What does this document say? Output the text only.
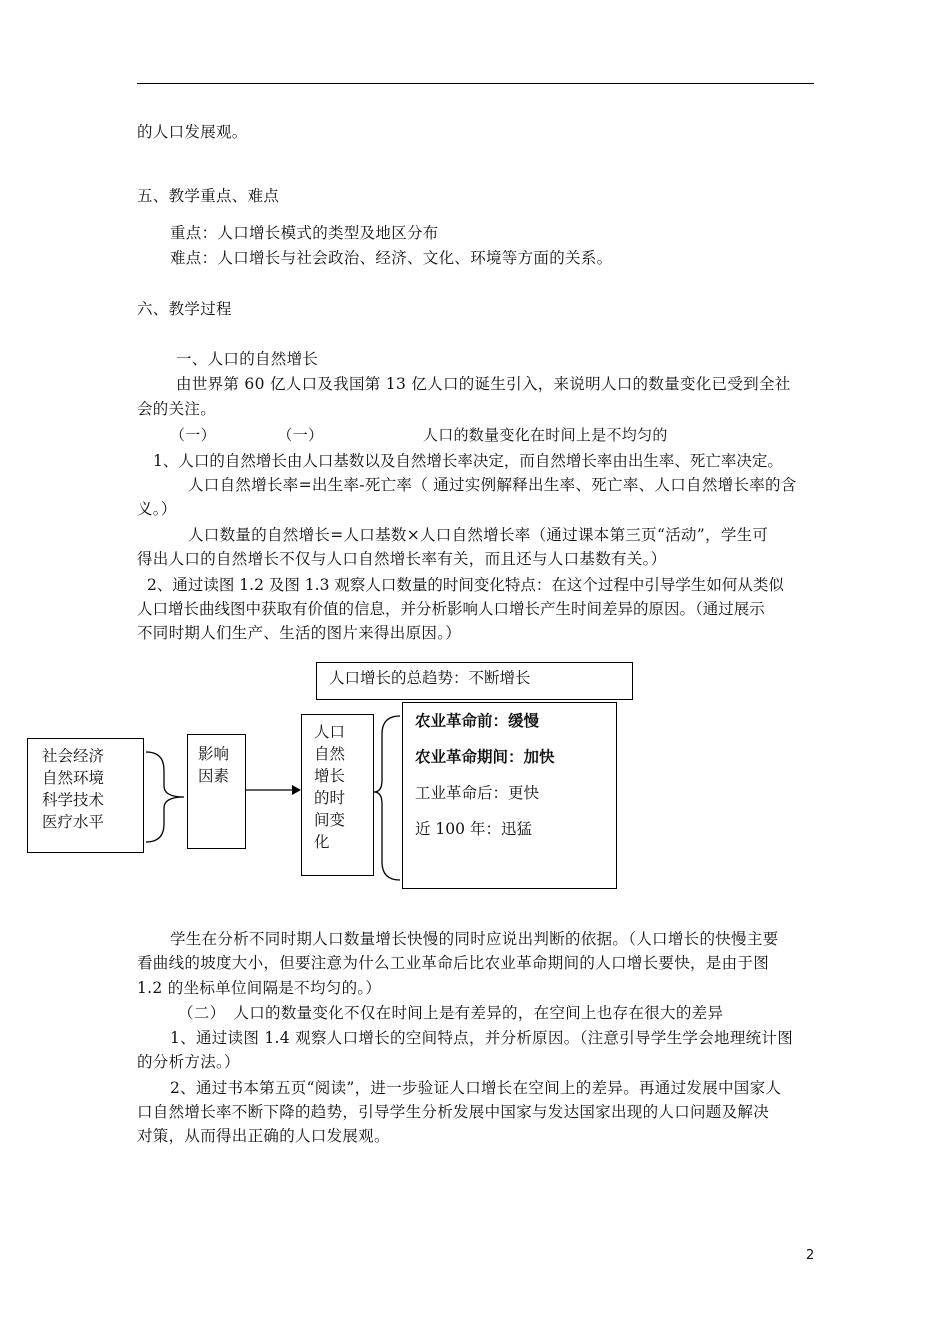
的人口发展观。
五、教学重点、难点
重点：人口增长模式的类型及地区分布
难点：人口增长与社会政治、经济、文化、环境等方面的关系。
六、教学过程
一、人口的自然增长
由世界第 60 亿人口及我国第 13 亿人口的诞生引入，来说明人口的数量变化已受到全社
会的关注。
（一）　　　　　（一）　　　　　　　人口的数量变化在时间上是不均匀的
1、人口的自然增长由人口基数以及自然增长率决定，而自然增长率由出生率、死亡率决定。
人口自然增长率=出生率-死亡率（ 通过实例解释出生率、死亡率、人口自然增长率的含
义。）
人口数量的自然增长=人口基数×人口自然增长率（通过课本第三页“活动”，学生可
得出人口的自然增长不仅与人口自然增长率有关，而且还与人口基数有关。）
2、通过读图 1.2 及图 1.3 观察人口数量的时间变化特点：在这个过程中引导学生如何从类似
人口增长曲线图中获取有价值的信息，并分析影响人口增长产生时间差异的原因。（通过展示
不同时期人们生产、生活的图片来得出原因。）
人口增长的总趋势：不断增长
社会经济
自然环境
科学技术
医疗水平
影响
因素
人口
自然
增长
的时
间变
化
农业革命前：缓慢
农业革命期间：加快
工业革命后：更快
近 100 年：迅猛
学生在分析不同时期人口数量增长快慢的同时应说出判断的依据。（人口增长的快慢主要
看曲线的坡度大小，但要注意为什么工业革命后比农业革命期间的人口增长要快，是由于图
1.2 的坐标单位间隔是不均匀的。）
（二）　人口的数量变化不仅在时间上是有差异的，在空间上也存在很大的差异
1、通过读图 1.4 观察人口增长的空间特点，并分析原因。（注意引导学生学会地理统计图
的分析方法。）
2、通过书本第五页“阅读”，进一步验证人口增长在空间上的差异。再通过发展中国家人
口自然增长率不断下降的趋势，引导学生分析发展中国家与发达国家出现的人口问题及解决
对策，从而得出正确的人口发展观。
2
